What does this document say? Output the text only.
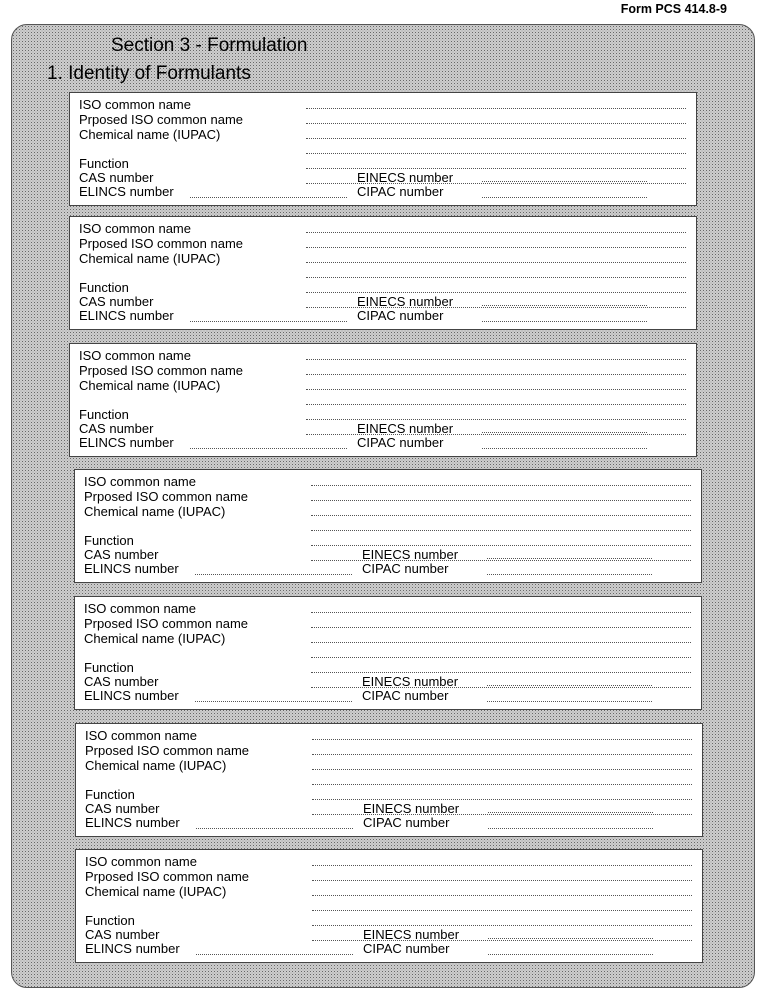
Form PCS 414.8-9
Section 3 - Formulation
1. Identity of Formulants
ISO common name
Prposed ISO common name
Chemical name (IUPAC)
Function
CAS number
ELINCS number
EINECS number
CIPAC number
ISO common name
Prposed ISO common name
Chemical name (IUPAC)
Function
CAS number
ELINCS number
EINECS number
CIPAC number
ISO common name
Prposed ISO common name
Chemical name (IUPAC)
Function
CAS number
ELINCS number
EINECS number
CIPAC number
ISO common name
Prposed ISO common name
Chemical name (IUPAC)
Function
CAS number
ELINCS number
EINECS number
CIPAC number
ISO common name
Prposed ISO common name
Chemical name (IUPAC)
Function
CAS number
ELINCS number
EINECS number
CIPAC number
ISO common name
Prposed ISO common name
Chemical name (IUPAC)
Function
CAS number
ELINCS number
EINECS number
CIPAC number
ISO common name
Prposed ISO common name
Chemical name (IUPAC)
Function
CAS number
ELINCS number
EINECS number
CIPAC number
